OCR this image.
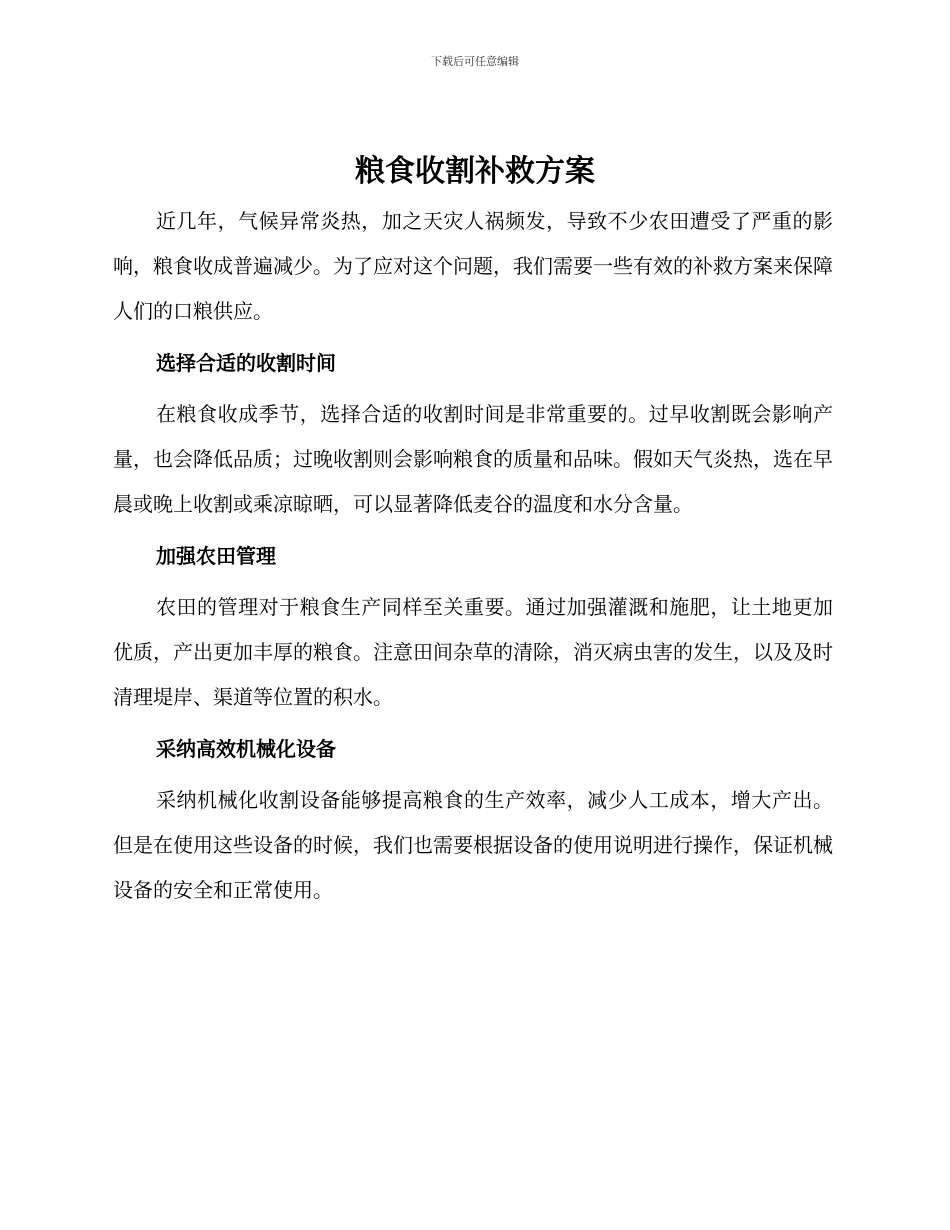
下载后可任意编辑
粮食收割补救方案

近几年，气候异常炎热，加之天灾人祸频发，导致不少农田遭受了严重的影响，粮食收成普遍减少。为了应对这个问题，我们需要一些有效的补救方案来保障人们的口粮供应。

选择合适的收割时间

在粮食收成季节，选择合适的收割时间是非常重要的。过早收割既会影响产量，也会降低品质；过晚收割则会影响粮食的质量和品味。假如天气炎热，选在早晨或晚上收割或乘凉晾晒，可以显著降低麦谷的温度和水分含量。

加强农田管理

农田的管理对于粮食生产同样至关重要。通过加强灌溉和施肥，让土地更加优质，产出更加丰厚的粮食。注意田间杂草的清除，消灭病虫害的发生，以及及时清理堤岸、渠道等位置的积水。

采纳高效机械化设备

采纳机械化收割设备能够提高粮食的生产效率，减少人工成本，增大产出。但是在使用这些设备的时候，我们也需要根据设备的使用说明进行操作，保证机械设备的安全和正常使用。
